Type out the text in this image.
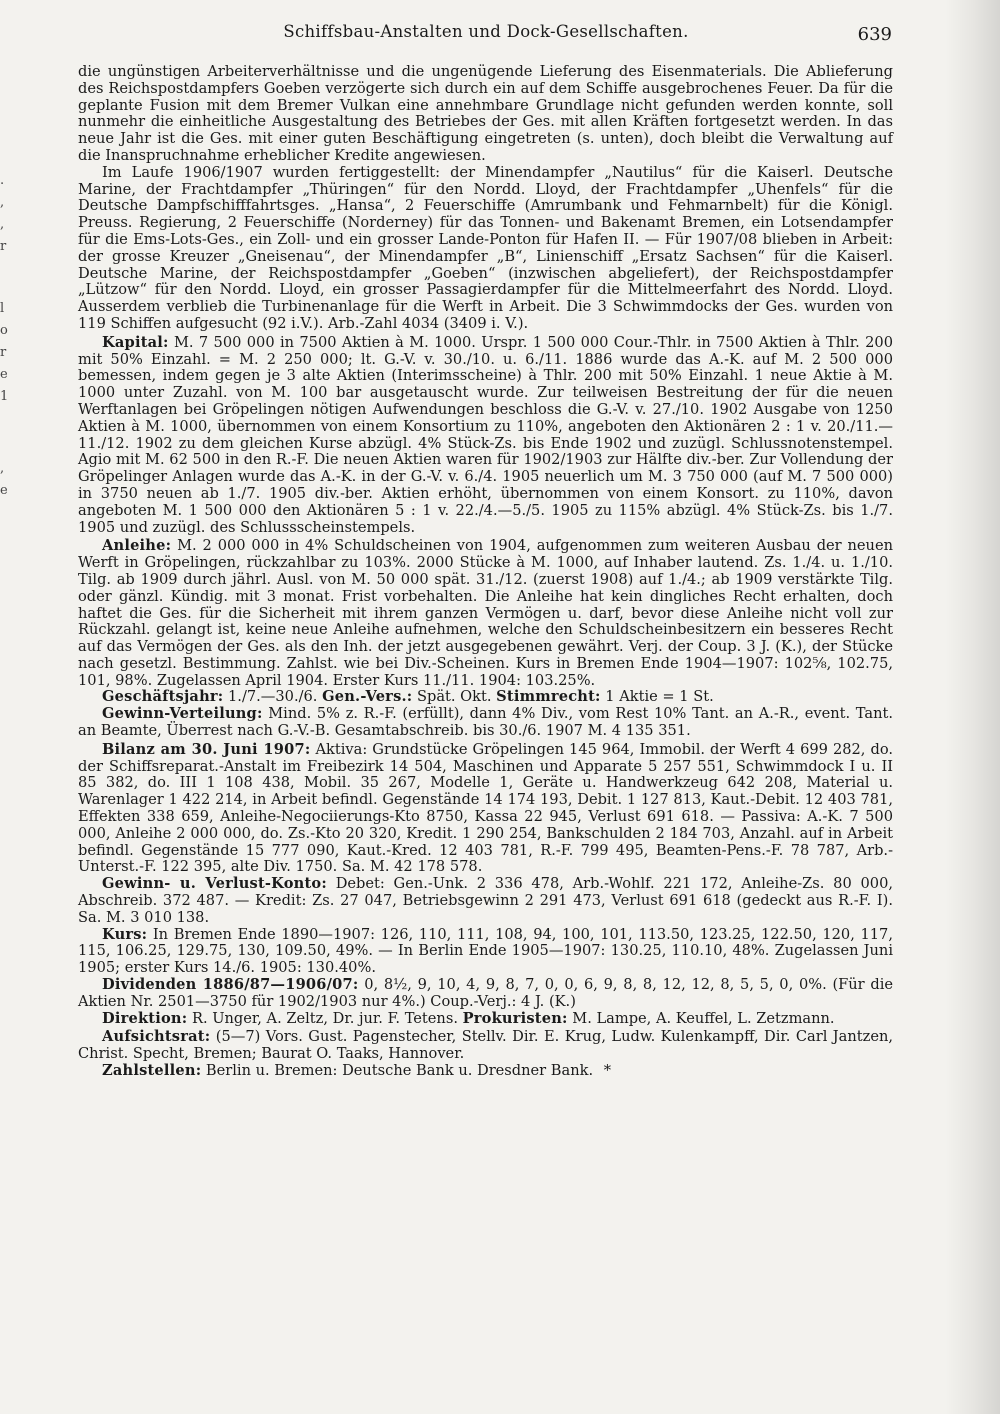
.
,
,
r
l
o
r
e
1
,
e
Schiffsbau-Anstalten und Dock-Gesellschaften.	639

die ungünstigen Arbeiterverhältnisse und die ungenügende Lieferung des Eisenmaterials. Die Ablieferung des Reichspostdampfers Goeben verzögerte sich durch ein auf dem Schiffe ausgebrochenes Feuer. Da für die geplante Fusion mit dem Bremer Vulkan eine annehmbare Grundlage nicht gefunden werden konnte, soll nunmehr die einheitliche Ausgestaltung des Betriebes der Ges. mit allen Kräften fortgesetzt werden. In das neue Jahr ist die Ges. mit einer guten Beschäftigung eingetreten (s. unten), doch bleibt die Verwaltung auf die Inanspruchnahme erheblicher Kredite angewiesen.

Im Laufe 1906/1907 wurden fertiggestellt: der Minendampfer „Nautilus“ für die Kaiserl. Deutsche Marine, der Frachtdampfer „Thüringen“ für den Nordd. Lloyd, der Frachtdampfer „Uhenfels“ für die Deutsche Dampfschifffahrtsges. „Hansa“, 2 Feuerschiffe (Amrumbank und Fehmarnbelt) für die Königl. Preuss. Regierung, 2 Feuerschiffe (Norderney) für das Tonnen- und Bakenamt Bremen, ein Lotsendampfer für die Ems-Lots-Ges., ein Zoll- und ein grosser Lande-Ponton für Hafen II. — Für 1907/08 blieben in Arbeit: der grosse Kreuzer „Gneisenau“, der Minendampfer „B“, Linienschiff „Ersatz Sachsen“ für die Kaiserl. Deutsche Marine, der Reichspostdampfer „Goeben“ (inzwischen abgeliefert), der Reichspostdampfer „Lützow“ für den Nordd. Lloyd, ein grosser Passagierdampfer für die Mittelmeerfahrt des Nordd. Lloyd. Ausserdem verblieb die Turbinenanlage für die Werft in Arbeit. Die 3 Schwimmdocks der Ges. wurden von 119 Schiffen aufgesucht (92 i.V.). Arb.-Zahl 4034 (3409 i. V.).

Kapital: M. 7 500 000 in 7500 Aktien à M. 1000. Urspr. 1 500 000 Cour.-Thlr. in 7500 Aktien à Thlr. 200 mit 50% Einzahl. = M. 2 250 000; lt. G.-V. v. 30./10. u. 6./11. 1886 wurde das A.-K. auf M. 2 500 000 bemessen, indem gegen je 3 alte Aktien (Interimsscheine) à Thlr. 200 mit 50% Einzahl. 1 neue Aktie à M. 1000 unter Zuzahl. von M. 100 bar ausgetauscht wurde. Zur teilweisen Bestreitung der für die neuen Werftanlagen bei Gröpelingen nötigen Aufwendungen beschloss die G.-V. v. 27./10. 1902 Ausgabe von 1250 Aktien à M. 1000, übernommen von einem Konsortium zu 110%, angeboten den Aktionären 2 : 1 v. 20./11.—11./12. 1902 zu dem gleichen Kurse abzügl. 4% Stück-Zs. bis Ende 1902 und zuzügl. Schlussnotenstempel. Agio mit M. 62 500 in den R.-F. Die neuen Aktien waren für 1902/1903 zur Hälfte div.-ber. Zur Vollendung der Gröpelinger Anlagen wurde das A.-K. in der G.-V. v. 6./4. 1905 neuerlich um M. 3 750 000 (auf M. 7 500 000) in 3750 neuen ab 1./7. 1905 div.-ber. Aktien erhöht, übernommen von einem Konsort. zu 110%, davon angeboten M. 1 500 000 den Aktionären 5 : 1 v. 22./4.—5./5. 1905 zu 115% abzügl. 4% Stück-Zs. bis 1./7. 1905 und zuzügl. des Schlussscheinstempels.

Anleihe: M. 2 000 000 in 4% Schuldscheinen von 1904, aufgenommen zum weiteren Ausbau der neuen Werft in Gröpelingen, rückzahlbar zu 103%. 2000 Stücke à M. 1000, auf Inhaber lautend. Zs. 1./4. u. 1./10. Tilg. ab 1909 durch jährl. Ausl. von M. 50 000 spät. 31./12. (zuerst 1908) auf 1./4.; ab 1909 verstärkte Tilg. oder gänzl. Kündig. mit 3 monat. Frist vorbehalten. Die Anleihe hat kein dingliches Recht erhalten, doch haftet die Ges. für die Sicherheit mit ihrem ganzen Vermögen u. darf, bevor diese Anleihe nicht voll zur Rückzahl. gelangt ist, keine neue Anleihe aufnehmen, welche den Schuldscheinbesitzern ein besseres Recht auf das Vermögen der Ges. als den Inh. der jetzt ausgegebenen gewährt. Verj. der Coup. 3 J. (K.), der Stücke nach gesetzl. Bestimmung. Zahlst. wie bei Div.-Scheinen. Kurs in Bremen Ende 1904—1907: 102⅝, 102.75, 101, 98%. Zugelassen April 1904. Erster Kurs 11./11. 1904: 103.25%.

Geschäftsjahr: 1./7.—30./6. Gen.-Vers.: Spät. Okt. Stimmrecht: 1 Aktie = 1 St.

Gewinn-Verteilung: Mind. 5% z. R.-F. (erfüllt), dann 4% Div., vom Rest 10% Tant. an A.-R., event. Tant. an Beamte, Überrest nach G.-V.-B. Gesamtabschreib. bis 30./6. 1907 M. 4 135 351.

Bilanz am 30. Juni 1907: Aktiva: Grundstücke Gröpelingen 145 964, Immobil. der Werft 4 699 282, do. der Schiffsreparat.-Anstalt im Freibezirk 14 504, Maschinen und Apparate 5 257 551, Schwimmdock I u. II 85 382, do. III 1 108 438, Mobil. 35 267, Modelle 1, Geräte u. Handwerkzeug 642 208, Material u. Warenlager 1 422 214, in Arbeit befindl. Gegenstände 14 174 193, Debit. 1 127 813, Kaut.-Debit. 12 403 781, Effekten 338 659, Anleihe-Negociierungs-Kto 8750, Kassa 22 945, Verlust 691 618. — Passiva: A.-K. 7 500 000, Anleihe 2 000 000, do. Zs.-Kto 20 320, Kredit. 1 290 254, Bankschulden 2 184 703, Anzahl. auf in Arbeit befindl. Gegenstände 15 777 090, Kaut.-Kred. 12 403 781, R.-F. 799 495, Beamten-Pens.-F. 78 787, Arb.-Unterst.-F. 122 395, alte Div. 1750. Sa. M. 42 178 578.

Gewinn- u. Verlust-Konto: Debet: Gen.-Unk. 2 336 478, Arb.-Wohlf. 221 172, Anleihe-Zs. 80 000, Abschreib. 372 487. — Kredit: Zs. 27 047, Betriebsgewinn 2 291 473, Verlust 691 618 (gedeckt aus R.-F. I). Sa. M. 3 010 138.

Kurs: In Bremen Ende 1890—1907: 126, 110, 111, 108, 94, 100, 101, 113.50, 123.25, 122.50, 120, 117, 115, 106.25, 129.75, 130, 109.50, 49%. — In Berlin Ende 1905—1907: 130.25, 110.10, 48%. Zugelassen Juni 1905; erster Kurs 14./6. 1905: 130.40%.

Dividenden 1886/87—1906/07: 0, 8½, 9, 10, 4, 9, 8, 7, 0, 0, 6, 9, 8, 8, 12, 12, 8, 5, 5, 0, 0%. (Für die Aktien Nr. 2501—3750 für 1902/1903 nur 4%.) Coup.-Verj.: 4 J. (K.)

Direktion: R. Unger, A. Zeltz, Dr. jur. F. Tetens. Prokuristen: M. Lampe, A. Keuffel, L. Zetzmann.

Aufsichtsrat: (5—7) Vors. Gust. Pagenstecher, Stellv. Dir. E. Krug, Ludw. Kulenkampff, Dir. Carl Jantzen, Christ. Specht, Bremen; Baurat O. Taaks, Hannover.

Zahlstellen: Berlin u. Bremen: Deutsche Bank u. Dresdner Bank. *
